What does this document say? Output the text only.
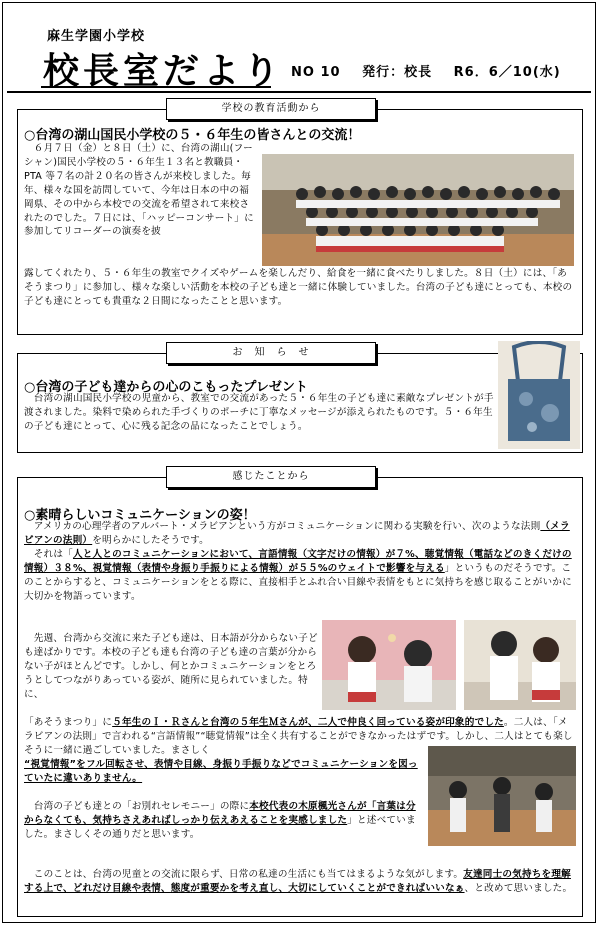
麻生学園小学校
校長室だより NO 10 発行：校長 R6．6／10(水)
学校の教育活動から
○台湾の湖山国民小学校の５・６年生の皆さんとの交流！
　６月７日（金）と８日（土）に、台湾の湖山(フーシャン)国民小学校の５・６年生１３名と教職員・PTA 等７名の計２０名の皆さんが来校しました。毎年、様々な国を訪問していて、今年は日本の中の福岡県、その中から本校での交流を希望されて来校されたのでした。７日には、「ハッピーコンサート」に参加してリコーダーの演奏を披
露してくれたり、５・６年生の教室でクイズやゲームを楽しんだり、給食を一緒に食べたりしました。８日（土）には、「あそうまつり」に参加し、様々な楽しい活動を本校の子ども達と一緒に体験していました。台湾の子ども達にとっても、本校の子ども達にとっても貴重な２日間になったことと思います。
お　知　ら　せ
○台湾の子ども達からの心のこもったプレゼント
　台湾の湖山国民小学校の児童から、教室での交流があった５・６年生の子ども達に素敵なプレゼントが手渡されました。染料で染められた手づくりのポーチに丁寧なメッセージが添えられたものです。５・６年生の子ども達にとって、心に残る記念の品になったことでしょう。
感じたことから
○素晴らしいコミュニケーションの姿！
　アメリカの心理学者のアルバート・メラビアンという方がコミュニケーションに関わる実験を行い、次のような法則（メラビアンの法則）を明らかにしたそうです。
　それは「人と人とのコミュニケーションにおいて、言語情報（文字だけの情報）が７%、聴覚情報（電話などのきくだけの情報）３８%、視覚情報（表情や身振り手振りによる情報）が５５%のウェイトで影響を与える」というものだそうです。このことからすると、コミュニケーションをとる際に、直接相手とふれ合い目線や表情をもとに気持ちを感じ取ることがいかに大切かを物語っています。
　先週、台湾から交流に来た子ども達は、日本語が分からない子ども達ばかりです。本校の子ども達も台湾の子ども達の言葉が分からない子がほとんどです。しかし、何とかコミュニケーションをとろうとしてつながりあっている姿が、随所に見られていました。特に、
「あそうまつり」に５年生のＩ・Ｒさんと台湾の５年生Ｍさんが、二人で仲良く回っている姿が印象的でした。二人は、「メラビアンの法則」で言われる“言語情報”“聴覚情報”は全く共有することができなかったはずです。しかし、二人はとても楽しそうに一緒に過ごしていました。まさしく
“視覚情報”をフル回転させ、表情や目線、身振り手振りなどでコミュニケーションを図っていたに違いありません。
　台湾の子ども達との「お別れセレモニー」の際に本校代表の木原楓光さんが「言葉は分からなくても、気持ちさえあればしっかり伝えあえることを実感しました」と述べていました。まさしくその通りだと思います。
　このことは、台湾の児童との交流に限らず、日常の私達の生活にも当てはまるような気がします。友達同士の気持ちを理解する上で、どれだけ目線や表情、態度が重要かを考え直し、大切にしていくことができればいいなぁ、と改めて思いました。
